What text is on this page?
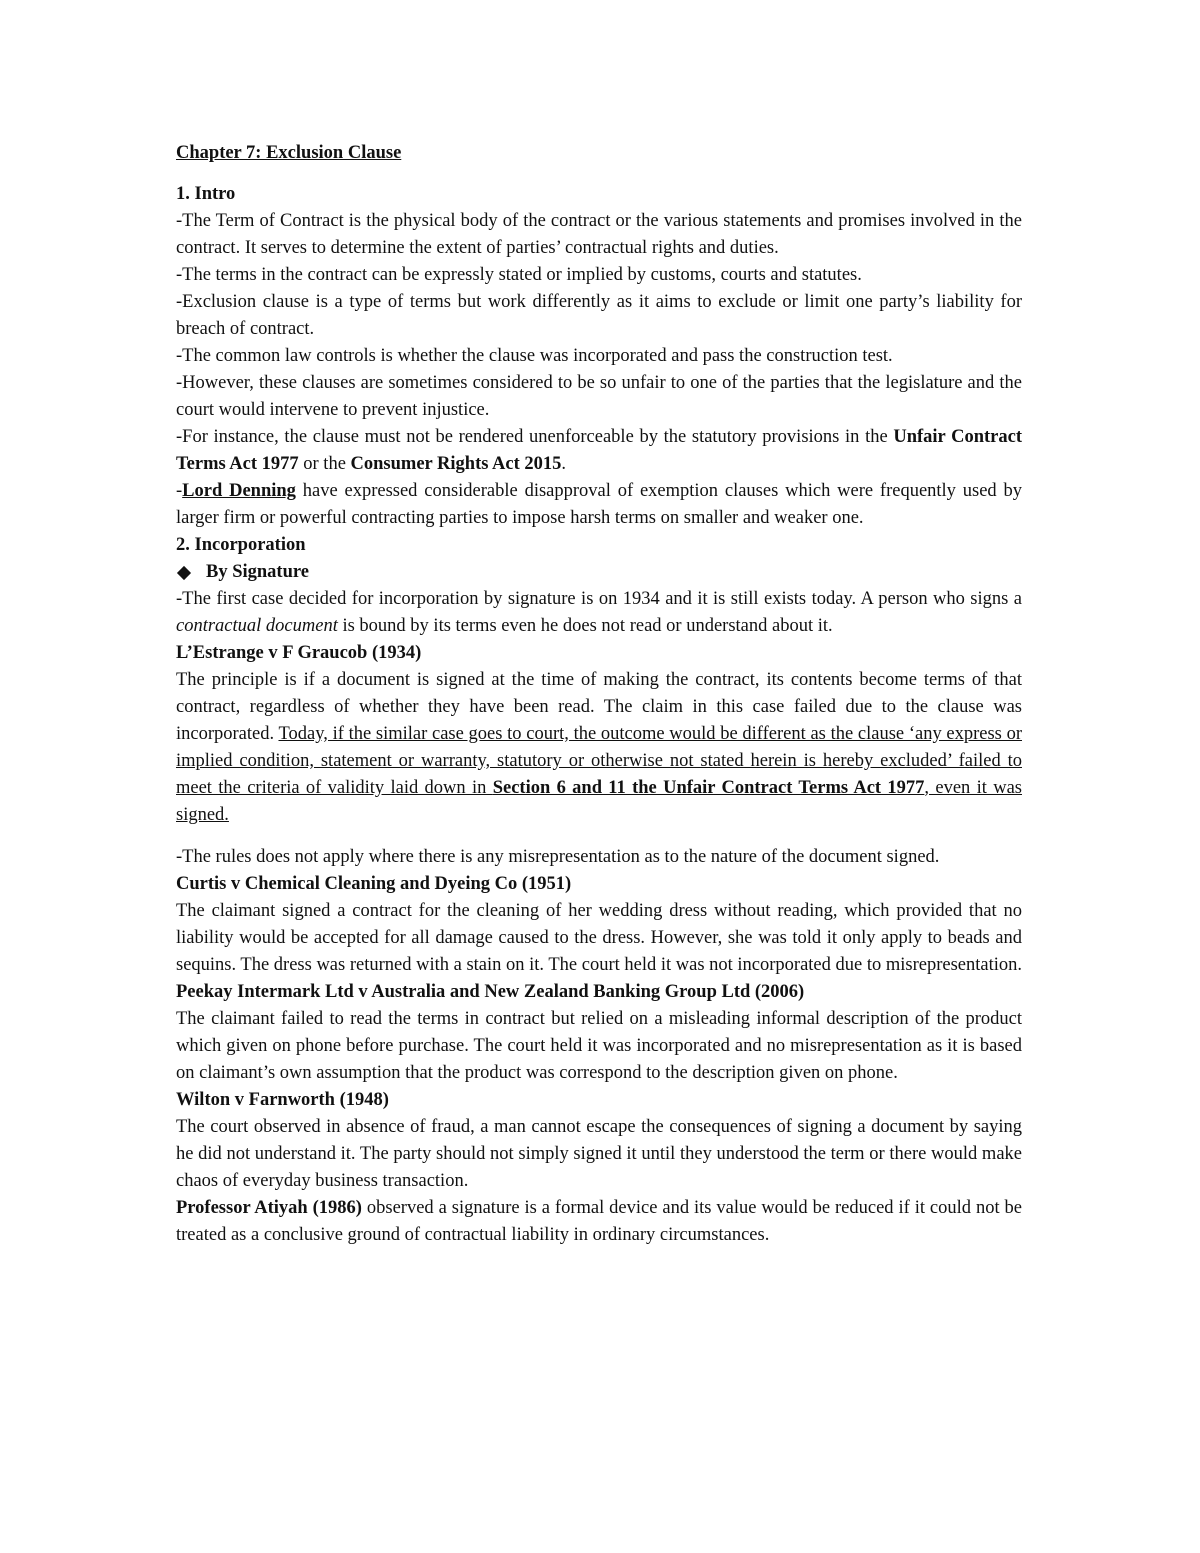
Chapter 7: Exclusion Clause

1. Intro

-The Term of Contract is the physical body of the contract or the various statements and promises involved in the contract. It serves to determine the extent of parties’ contractual rights and duties.

-The terms in the contract can be expressly stated or implied by customs, courts and statutes.

-Exclusion clause is a type of terms but work differently as it aims to exclude or limit one party’s liability for breach of contract.

-The common law controls is whether the clause was incorporated and pass the construction test.

-However, these clauses are sometimes considered to be so unfair to one of the parties that the legislature and the court would intervene to prevent injustice.

-For instance, the clause must not be rendered unenforceable by the statutory provisions in the Unfair Contract Terms Act 1977 or the Consumer Rights Act 2015.

-Lord Denning have expressed considerable disapproval of exemption clauses which were frequently used by larger firm or powerful contracting parties to impose harsh terms on smaller and weaker one.

2. Incorporation

By Signature

-The first case decided for incorporation by signature is on 1934 and it is still exists today. A person who signs a contractual document is bound by its terms even he does not read or understand about it.

L’Estrange v F Graucob (1934)

The principle is if a document is signed at the time of making the contract, its contents become terms of that contract, regardless of whether they have been read. The claim in this case failed due to the clause was incorporated. Today, if the similar case goes to court, the outcome would be different as the clause ‘any express or implied condition, statement or warranty, statutory or otherwise not stated herein is hereby excluded’ failed to meet the criteria of validity laid down in Section 6 and 11 the Unfair Contract Terms Act 1977, even it was signed.

-The rules does not apply where there is any misrepresentation as to the nature of the document signed.

Curtis v Chemical Cleaning and Dyeing Co (1951)

The claimant signed a contract for the cleaning of her wedding dress without reading, which provided that no liability would be accepted for all damage caused to the dress. However, she was told it only apply to beads and sequins. The dress was returned with a stain on it. The court held it was not incorporated due to misrepresentation.

Peekay Intermark Ltd v Australia and New Zealand Banking Group Ltd (2006)

The claimant failed to read the terms in contract but relied on a misleading informal description of the product which given on phone before purchase. The court held it was incorporated and no misrepresentation as it is based on claimant’s own assumption that the product was correspond to the description given on phone.

Wilton v Farnworth (1948)

The court observed in absence of fraud, a man cannot escape the consequences of signing a document by saying he did not understand it. The party should not simply signed it until they understood the term or there would make chaos of everyday business transaction.

Professor Atiyah (1986) observed a signature is a formal device and its value would be reduced if it could not be treated as a conclusive ground of contractual liability in ordinary circumstances.
